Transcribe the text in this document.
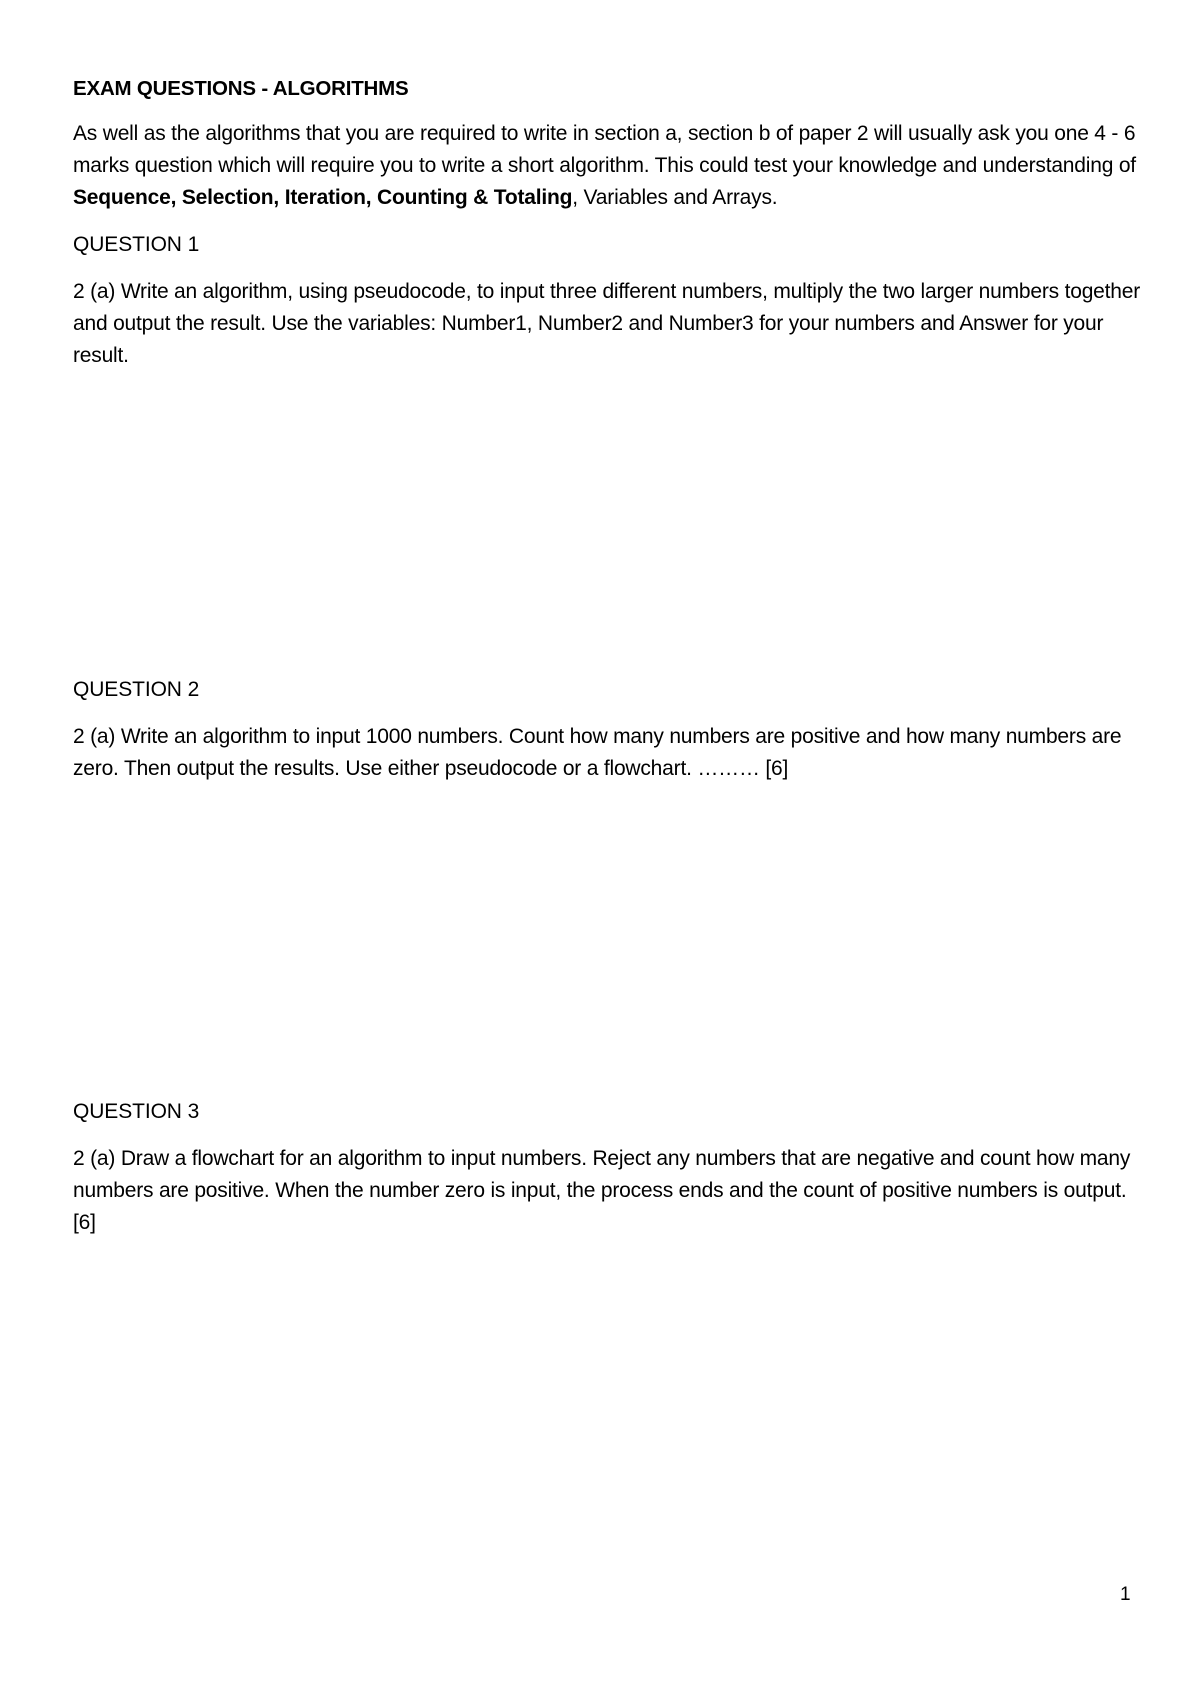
EXAM QUESTIONS - ALGORITHMS

As well as the algorithms that you are required to write in section a, section b of paper 2 will usually ask you one 4 - 6 marks question which will require you to write a short algorithm. This could test your knowledge and understanding of Sequence, Selection, Iteration, Counting & Totaling, Variables and Arrays.

QUESTION 1

2 (a) Write an algorithm, using pseudocode, to input three different numbers, multiply the two larger numbers together and output the result. Use the variables: Number1, Number2 and Number3 for your numbers and Answer for your result.

QUESTION 2

2 (a) Write an algorithm to input 1000 numbers. Count how many numbers are positive and how many numbers are zero. Then output the results. Use either pseudocode or a flowchart. ……… [6]

QUESTION 3

2 (a) Draw a flowchart for an algorithm to input numbers. Reject any numbers that are negative and count how many numbers are positive. When the number zero is input, the process ends and the count of positive numbers is output. [6]

1
